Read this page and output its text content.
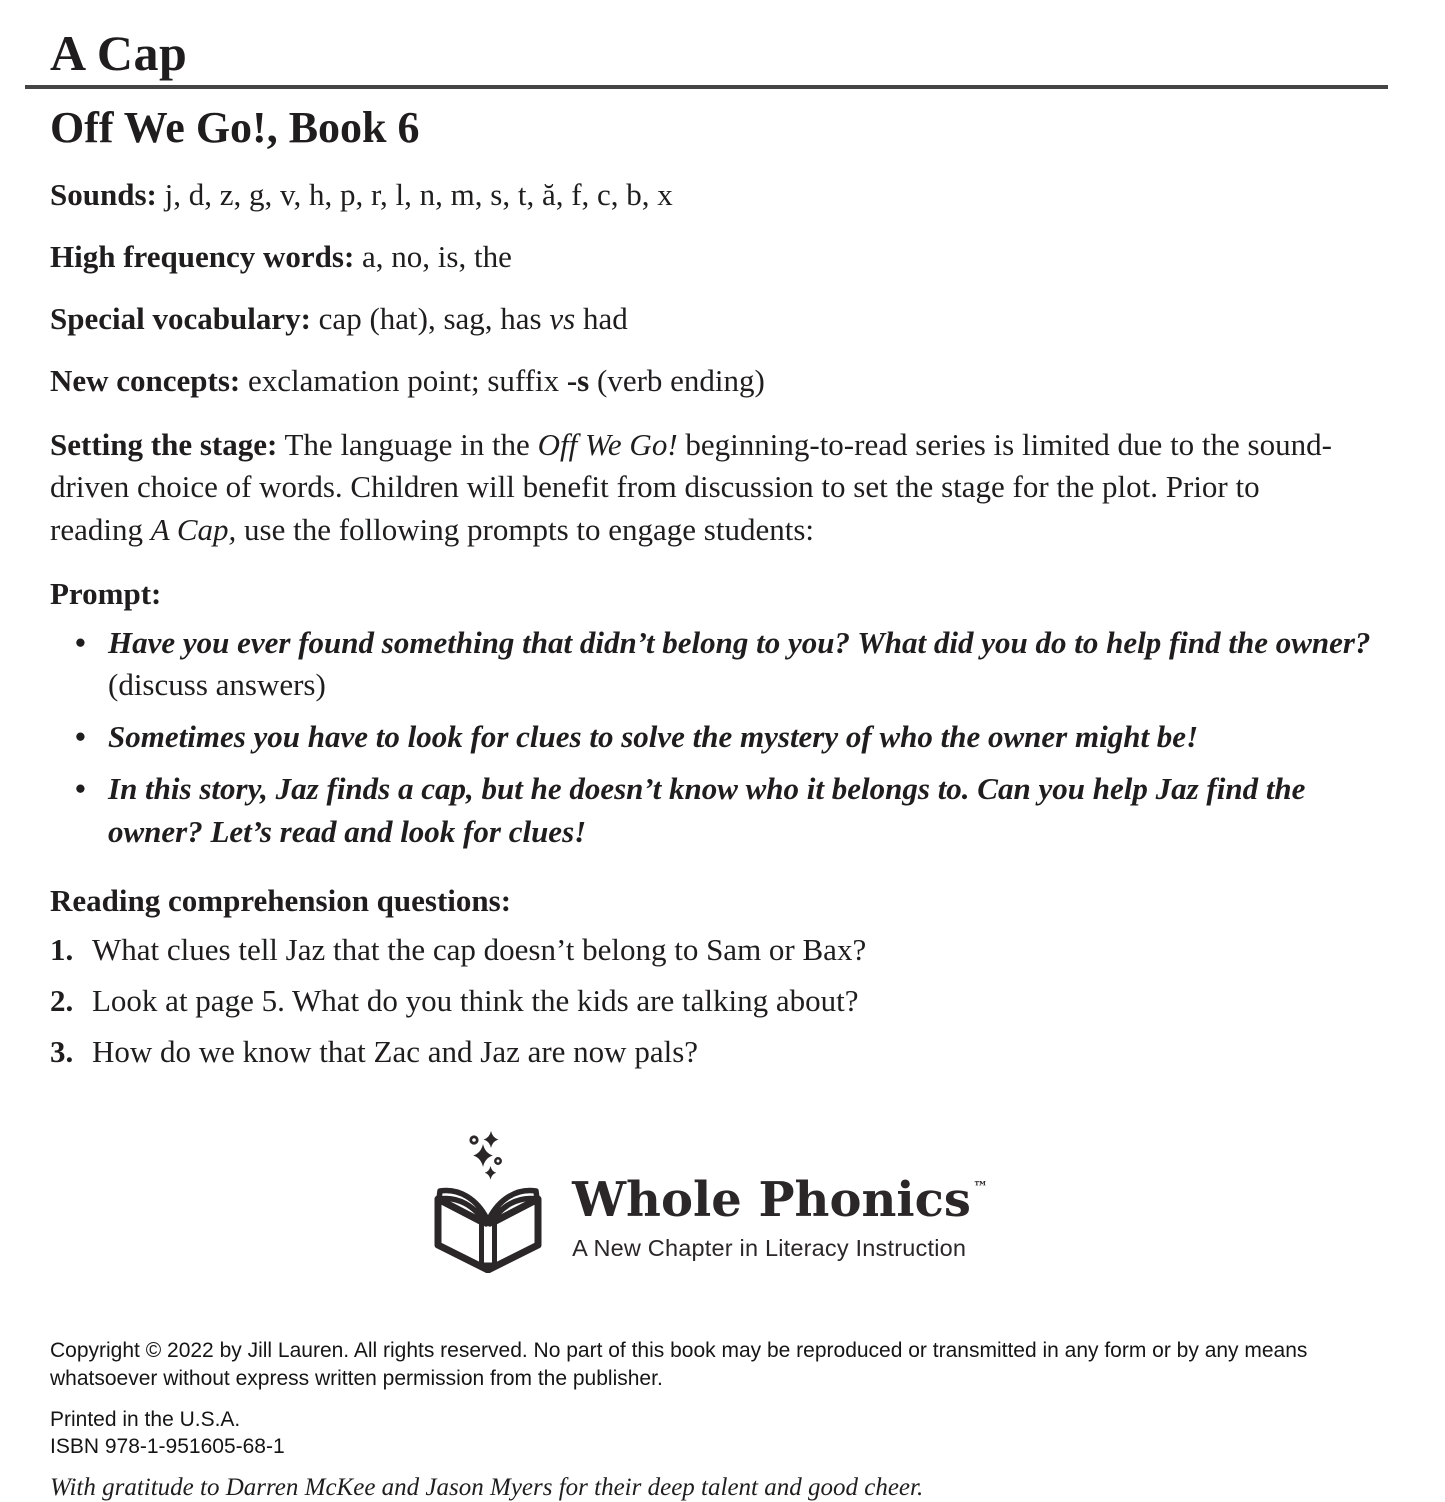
A Cap
Off We Go!, Book 6

Sounds: j, d, z, g, v, h, p, r, l, n, m, s, t, ă, f, c, b, x

High frequency words: a, no, is, the

Special vocabulary: cap (hat), sag, has vs had

New concepts: exclamation point; suffix -s (verb ending)

Setting the stage: The language in the Off We Go! beginning-to-read series is limited due to the sound-driven choice of words. Children will benefit from discussion to set the stage for the plot. Prior to reading A Cap, use the following prompts to engage students:

Prompt:

• Have you ever found something that didn’t belong to you? What did you do to help find the owner? (discuss answers)
• Sometimes you have to look for clues to solve the mystery of who the owner might be!
• In this story, Jaz finds a cap, but he doesn’t know who it belongs to. Can you help Jaz find the owner? Let’s read and look for clues!

Reading comprehension questions:

1. What clues tell Jaz that the cap doesn’t belong to Sam or Bax?
2. Look at page 5. What do you think the kids are talking about?
3. How do we know that Zac and Jaz are now pals?
Whole Phonics ™
A New Chapter in Literacy Instruction
Copyright © 2022 by Jill Lauren. All rights reserved. No part of this book may be reproduced or transmitted in any form or by any means
whatsoever without express written permission from the publisher.
Printed in the U.S.A.
ISBN 978-1-951605-68-1
With gratitude to Darren McKee and Jason Myers for their deep talent and good cheer.
